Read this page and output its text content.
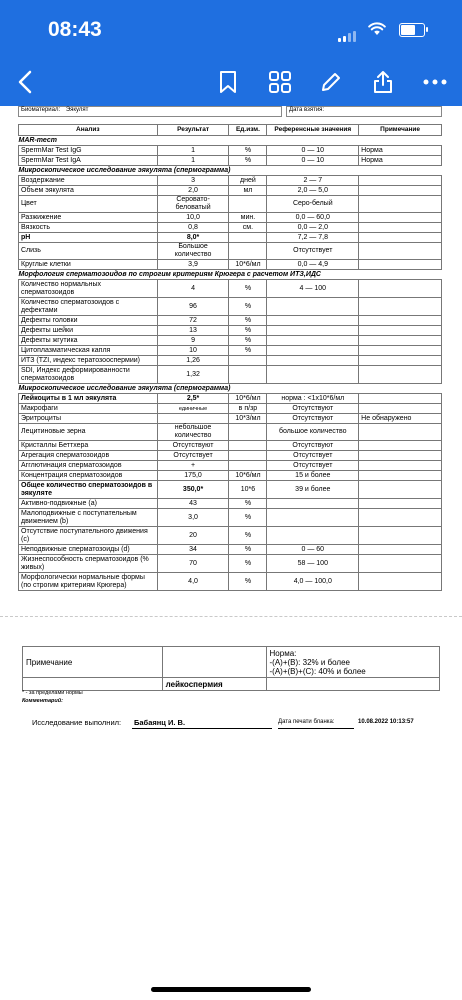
08:43
Биоматериал: Эякулят	Дата взятия:
Анализ	Результат	Ед.изм.	Референсные значения	Примечание
MAR-тест				
SpermMar Test IgG	1	%	0 — 10	Норма
SpermMar Test IgA	1	%	0 — 10	Норма
Микроскопическое исследование эякулята (спермограмма)				
Воздержание	3	дней	2 — 7	
Объем эякулята	2,0	мл	2,0 — 5,0	
Цвет	Серовато-беловатый		Серо-белый	
Разжижение	10,0	мин.	0,0 — 60,0	
Вязкость	0,8	см.	0,0 — 2,0	
pH	8,0*		7,2 — 7,8	
Слизь	Большое количество		Отсутствует	
Круглые клетки	3,9	10*6/мл	0,0 — 4,9	
Морфология сперматозоидов по строгим критериям Крюгера с расчетом ИТЗ,ИДС				
Количество нормальных сперматозоидов	4	%	4 — 100	
Количество сперматозоидов с дефектами	96	%		
Дефекты головки	72	%		
Дефекты шейки	13	%		
Дефекты жгутика	9	%		
Цитоплазматическая капля	10	%		
ИТЗ (TZI, индекс тератозооспермии)	1,26			
SDI, Индекс деформированности сперматозоидов	1,32			
Микроскопическое исследование эякулята (спермограмма)				
Лейкоциты в 1 мл эякулята	2,5*	10*6/мл	норма : <1x10*6/мл	
Макрофаги	единичные	в п/зр	Отсутствуют	
Эритроциты		10*3/мл	Отсутствуют	Не обнаружено
Лецитиновые зерна	небольшое количество		большое количество	
Кристаллы Беттхера	Отсутствуют		Отсутствуют	
Агрегация сперматозоидов	Отсутствует		Отсутствует	
Агглютинация сперматозоидов	+		Отсутствует	
Концентрация сперматозоидов	175,0	10*6/мл	15 и более	
Общее количество сперматозоидов в эякуляте	350,0*	10*6	39 и более	
Активно-подвижные (а)	43	%		
Малоподвижные с поступательным движением (b)	3,0	%		
Отсутствие поступательного движения (c)	20	%		
Неподвижные сперматозоиды (d)	34	%	0 — 60	
Жизнеспособность сперматозоидов (% живых)	70	%	58 — 100	
Морфологически нормальные формы (по строгим критериям Крюгера)	4,0	%	4,0 — 100,0	
Примечание		Норма:
-(А)+(В): 32% и более
-(А)+(В)+(С): 40% и более

	лейкоспермия	
* - за пределами нормы
Комментарий:
Исследование выполнил: Бабаянц И. В.	Дата печати бланка:	10.08.2022 10:13:57
